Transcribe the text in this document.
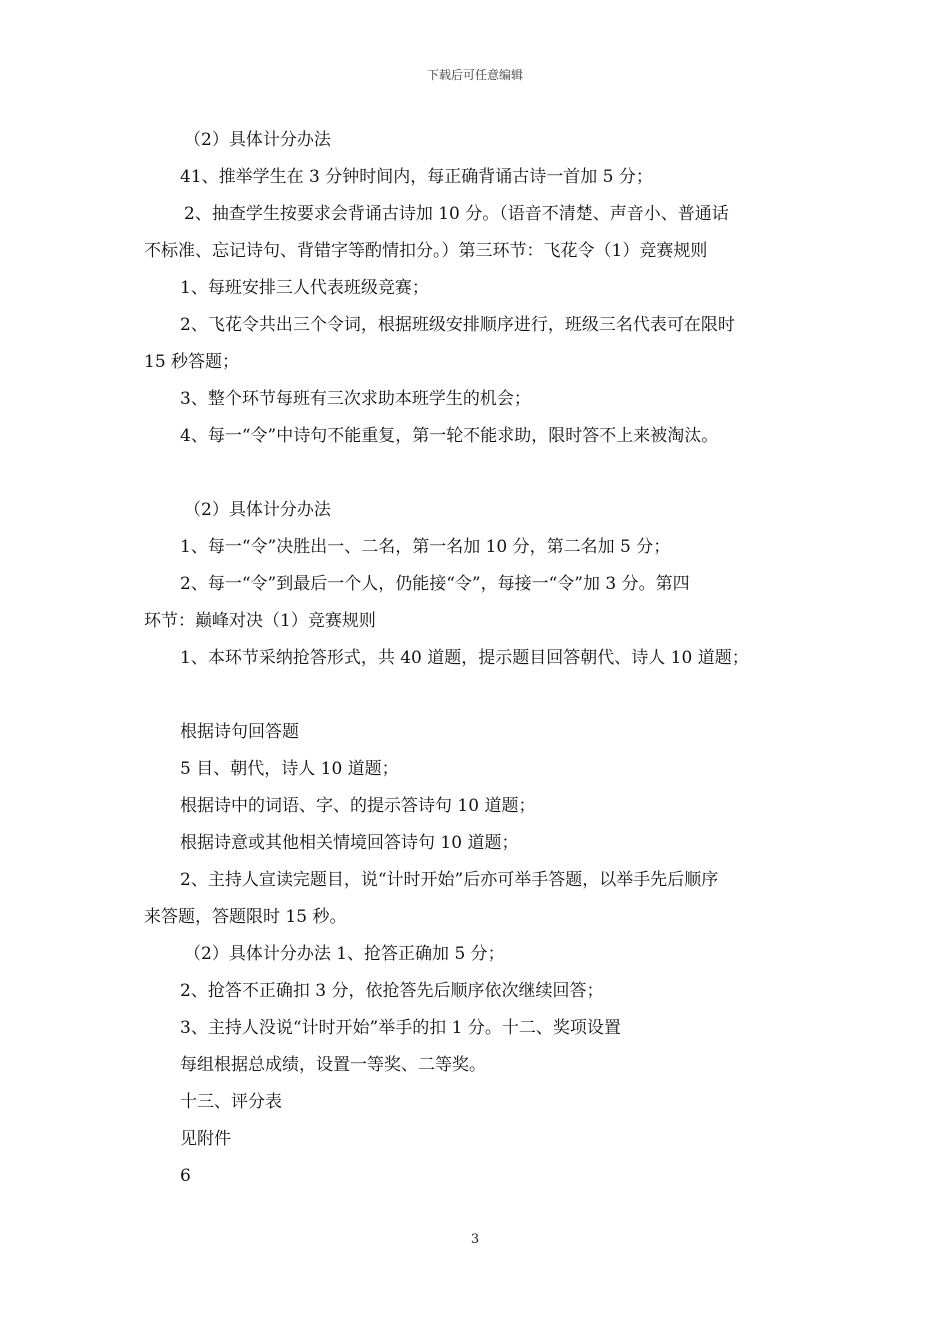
下载后可任意编辑
（2）具体计分办法
41、推举学生在 3 分钟时间内，每正确背诵古诗一首加 5 分；
2、抽查学生按要求会背诵古诗加 10 分。（语音不清楚、声音小、普通话
不标准、忘记诗句、背错字等酌情扣分。）第三环节：飞花令（1）竞赛规则
1、每班安排三人代表班级竞赛；
2、飞花令共出三个令词，根据班级安排顺序进行，班级三名代表可在限时
15 秒答题；
3、整个环节每班有三次求助本班学生的机会；
4、每一“令”中诗句不能重复，第一轮不能求助，限时答不上来被淘汰。
（2）具体计分办法
1、每一“令”决胜出一、二名，第一名加 10 分，第二名加 5 分；
2、每一“令”到最后一个人，仍能接“令”，每接一“令”加 3 分。第四
环节：巅峰对决（1）竞赛规则
1、本环节采纳抢答形式，共 40 道题，提示题目回答朝代、诗人 10 道题；
根据诗句回答题
5 目、朝代，诗人 10 道题；
根据诗中的词语、字、的提示答诗句 10 道题；
根据诗意或其他相关情境回答诗句 10 道题；
2、主持人宣读完题目，说“计时开始”后亦可举手答题，以举手先后顺序
来答题，答题限时 15 秒。
（2）具体计分办法 1、抢答正确加 5 分；
2、抢答不正确扣 3 分，依抢答先后顺序依次继续回答；
3、主持人没说“计时开始”举手的扣 1 分。十二、奖项设置
每组根据总成绩，设置一等奖、二等奖。
十三、评分表
见附件
6
3
